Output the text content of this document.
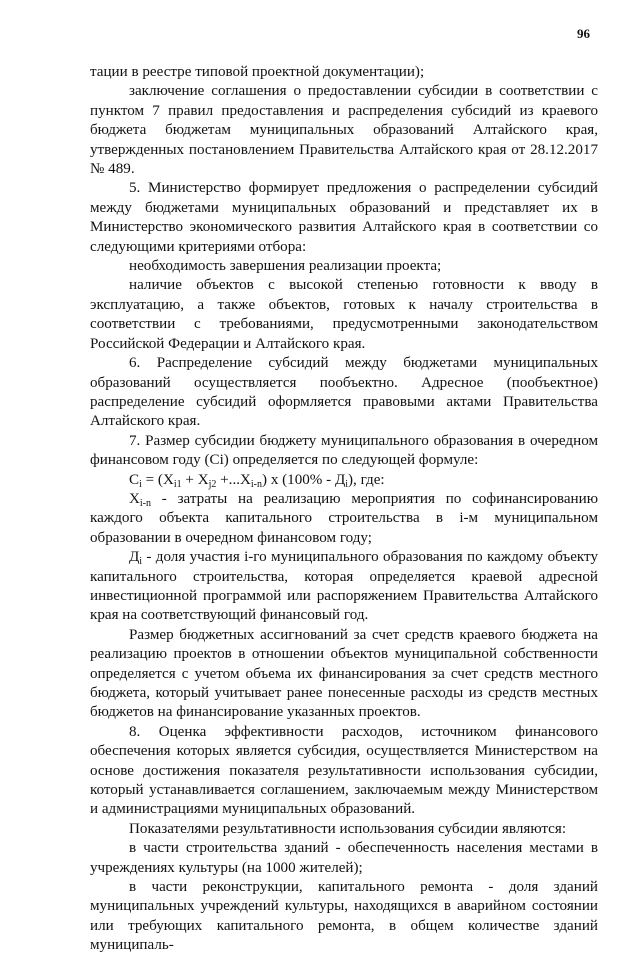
96

тации в реестре типовой проектной документации);

заключение соглашения о предоставлении субсидии в соответствии с пунктом 7 правил предоставления и распределения субсидий из краевого бюджета бюджетам муниципальных образований Алтайского края, утвержденных постановлением Правительства Алтайского края от 28.12.2017 № 489.

5. Министерство формирует предложения о распределении субсидий между бюджетами муниципальных образований и представляет их в Министерство экономического развития Алтайского края в соответствии со следующими критериями отбора:

необходимость завершения реализации проекта;

наличие объектов с высокой степенью готовности к вводу в эксплуатацию, а также объектов, готовых к началу строительства в соответствии с требованиями, предусмотренными законодательством Российской Федерации и Алтайского края.

6. Распределение субсидий между бюджетами муниципальных образований осуществляется пообъектно. Адресное (пообъектное) распределение субсидий оформляется правовыми актами Правительства Алтайского края.

7. Размер субсидии бюджету муниципального образования в очередном финансовом году (Ci) определяется по следующей формуле:

$C_i = (X_{i1} + X_{j2} +...X_{i-n})$ x $(100\% - Д_i)$, где:

$X_{i-n}$ - затраты на реализацию мероприятия по софинансированию каждого объекта капитального строительства в i-м муниципальном образовании в очередном финансовом году;

$Д_i$ - доля участия i-го муниципального образования по каждому объекту капитального строительства, которая определяется краевой адресной инвестиционной программой или распоряжением Правительства Алтайского края на соответствующий финансовый год.

Размер бюджетных ассигнований за счет средств краевого бюджета на реализацию проектов в отношении объектов муниципальной собственности определяется с учетом объема их финансирования за счет средств местного бюджета, который учитывает ранее понесенные расходы из средств местных бюджетов на финансирование указанных проектов.

8. Оценка эффективности расходов, источником финансового обеспечения которых является субсидия, осуществляется Министерством на основе достижения показателя результативности использования субсидии, который устанавливается соглашением, заключаемым между Министерством и администрациями муниципальных образований.

Показателями результативности использования субсидии являются:

в части строительства зданий - обеспеченность населения местами в учреждениях культуры (на 1000 жителей);

в части реконструкции, капитального ремонта - доля зданий муниципальных учреждений культуры, находящихся в аварийном состоянии или требующих капитального ремонта, в общем количестве зданий муниципаль-
